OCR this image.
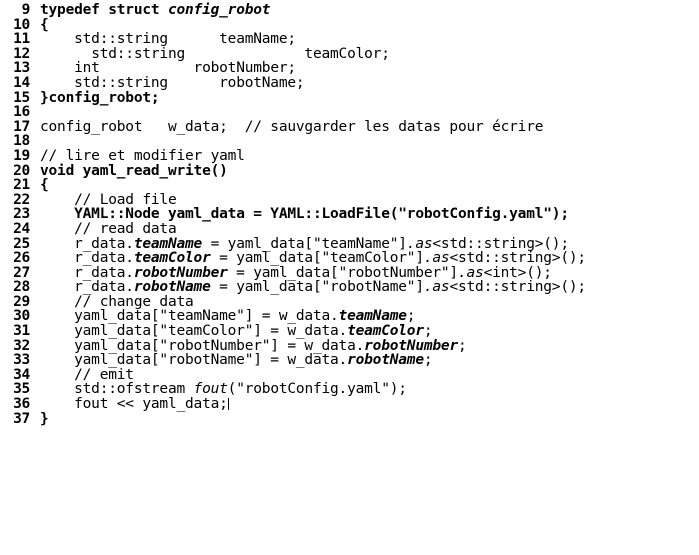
9 typedef struct config_robot
10 {
11	std::string      teamName;
12	std::string              teamColor;
13	int           robotNumber;
14	std::string      robotName;
15 }config_robot;
16
17 config_robot   w_data;  // sauvgarder les datas pour écrire
18
19 // lire et modifier yaml
20 void yaml_read_write()
21 {
22	// Load file
23	YAML::Node yaml_data = YAML::LoadFile("robotConfig.yaml");
24	// read data
25 r_data.teamName = yaml_data["teamName"].as<std::string>();
26 r_data.teamColor = yaml_data["teamColor"].as<std::string>();
27 r_data.robotNumber = yaml_data["robotNumber"].as<int>();
28 r_data.robotName = yaml_data["robotName"].as<std::string>();
29	// change data
30 yaml_data["teamName"] = w_data.teamName;
31 yaml_data["teamColor"] = w_data.teamColor;
32 yaml_data["robotNumber"] = w_data.robotNumber;
33 yaml_data["robotName"] = w_data.robotName;
34	// emit
35	std::ofstream fout("robotConfig.yaml");
36 fout << yaml_data;
37 }
